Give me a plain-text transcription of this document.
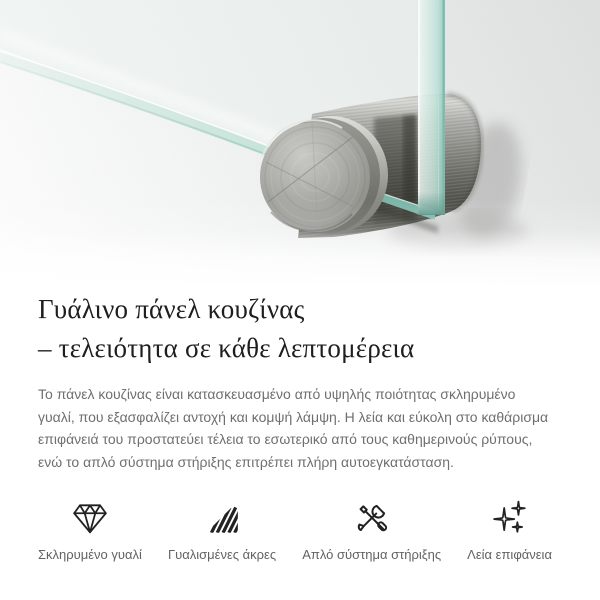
Γυάλινο πάνελ κουζίνας
– τελειότητα σε κάθε λεπτομέρεια

Το πάνελ κουζίνας είναι κατασκευασμένο από υψηλής ποιότητας σκληρυμένο γυαλί, που εξασφαλίζει αντοχή και κομψή λάμψη. Η λεία και εύκολη στο καθάρισμα επιφάνειά του προστατεύει τέλεια το εσωτερικό από τους καθημερινούς ρύπους, ενώ το απλό σύστημα στήριξης επιτρέπει πλήρη αυτοεγκατάσταση.

Σκληρυμένο γυαλί Γυαλισμένες άκρες Απλό σύστημα στήριξης Λεία επιφάνεια
